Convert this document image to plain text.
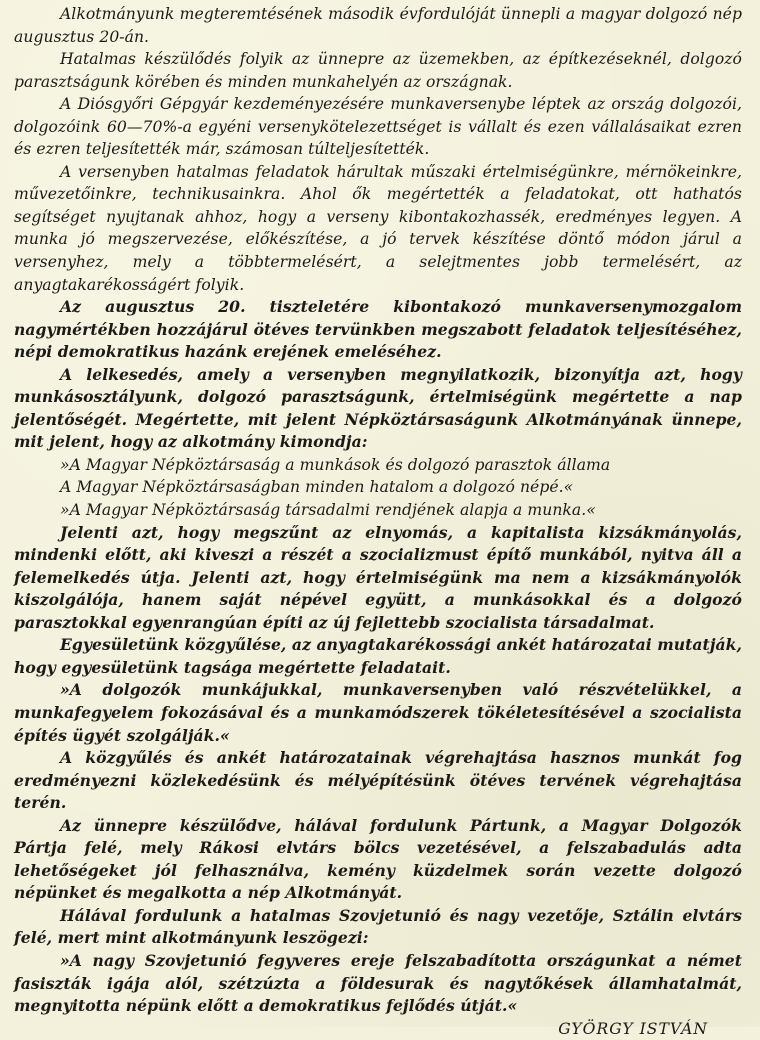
Alkotmányunk megteremtésének második évfordulóját ünnepli a magyar dolgozó nép augusztus 20-án.

Hatalmas készülődés folyik az ünnepre az üzemekben, az építkezéseknél, dolgozó parasztságunk körében és minden munkahelyén az országnak.

A Diósgyőri Gépgyár kezdeményezésére munkaversenybe léptek az ország dolgozói, dolgozóink 60—70%-a egyéni versenykötelezettséget is vállalt és ezen vállalásaikat ezren és ezren teljesítették már, számosan túlteljesítették.

A versenyben hatalmas feladatok hárultak műszaki értelmiségünkre, mérnökeinkre, művezetőinkre, technikusainkra. Ahol ők megértették a feladatokat, ott hathatós segítséget nyujtanak ahhoz, hogy a verseny kibontakozhassék, eredményes legyen. A munka jó megszervezése, előkészítése, a jó tervek készítése döntő módon járul a versenyhez, mely a többtermelésért, a selejtmentes jobb termelésért, az anyagtakarékosságért folyik.

Az augusztus 20. tiszteletére kibontakozó munkaversenymozgalom nagymértékben hozzájárul ötéves tervünkben megszabott feladatok teljesítéséhez, népi demokratikus hazánk erejének emeléséhez.

A lelkesedés, amely a versenyben megnyilatkozik, bizonyítja azt, hogy munkásosztályunk, dolgozó parasztságunk, értelmiségünk megértette a nap jelentőségét. Megértette, mit jelent Népköztársaságunk Alkotmányának ünnepe, mit jelent, hogy az alkotmány kimondja:

»A Magyar Népköztársaság a munkások és dolgozó parasztok állama

A Magyar Népköztársaságban minden hatalom a dolgozó népé.«

»A Magyar Népköztársaság társadalmi rendjének alapja a munka.«

Jelenti azt, hogy megszűnt az elnyomás, a kapitalista kizsákmányolás, mindenki előtt, aki kiveszi a részét a szocializmust építő munkából, nyitva áll a felemelkedés útja. Jelenti azt, hogy értelmiségünk ma nem a kizsákmányolók kiszolgálója, hanem saját népével együtt, a munkásokkal és a dolgozó parasztokkal egyenrangúan építi az új fejlettebb szocialista társadalmat.

Egyesületünk közgyűlése, az anyagtakarékossági ankét határozatai mutatják, hogy egyesületünk tagsága megértette feladatait.

»A dolgozók munkájukkal, munkaversenyben való részvételükkel, a munkafegyelem fokozásával és a munkamódszerek tökéletesítésével a szocialista építés ügyét szolgálják.«

A közgyűlés és ankét határozatainak végrehajtása hasznos munkát fog eredményezni közlekedésünk és mélyépítésünk ötéves tervének végrehajtása terén.

Az ünnepre készülődve, hálával fordulunk Pártunk, a Magyar Dolgozók Pártja felé, mely Rákosi elvtárs bölcs vezetésével, a felszabadulás adta lehetőségeket jól felhasználva, kemény küzdelmek során vezette dolgozó népünket és megalkotta a nép Alkotmányát.

Hálával fordulunk a hatalmas Szovjetunió és nagy vezetője, Sztálin elvtárs felé, mert mint alkotmányunk leszögezi:

»A nagy Szovjetunió fegyveres ereje felszabadította országunkat a német fasiszták igája alól, szétzúzta a földesurak és nagytőkések államhatalmát, megnyitotta népünk előtt a demokratikus fejlődés útját.«

GYÖRGY ISTVÁN
